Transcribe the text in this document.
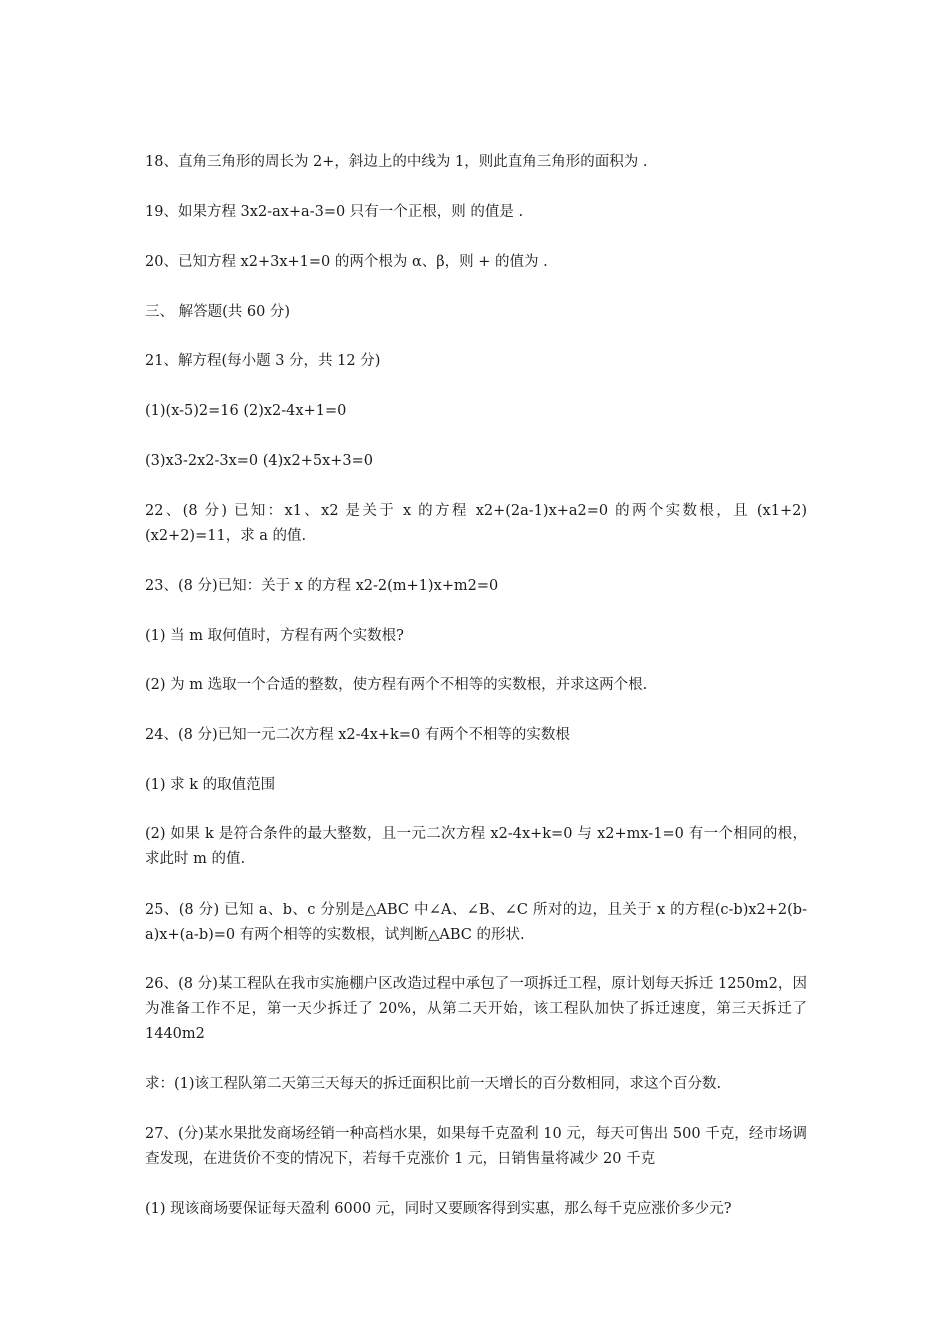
18、直角三角形的周长为 2+，斜边上的中线为 1，则此直角三角形的面积为 .

19、如果方程 3x2-ax+a-3=0 只有一个正根，则 的值是 .

20、已知方程 x2+3x+1=0 的两个根为 α、β，则 + 的值为 .

三、 解答题(共 60 分)

21、解方程(每小题 3 分，共 12 分)

(1)(x-5)2=16 (2)x2-4x+1=0

(3)x3-2x2-3x=0 (4)x2+5x+3=0

22、(8 分) 已知：x1、x2 是关于 x 的方程 x2+(2a-1)x+a2=0 的两个实数根，且 (x1+2)(x2+2)=11，求 a 的值.

23、(8 分)已知：关于 x 的方程 x2-2(m+1)x+m2=0

(1) 当 m 取何值时，方程有两个实数根?

(2) 为 m 选取一个合适的整数，使方程有两个不相等的实数根，并求这两个根.

24、(8 分)已知一元二次方程 x2-4x+k=0 有两个不相等的实数根

(1) 求 k 的取值范围

(2) 如果 k 是符合条件的最大整数，且一元二次方程 x2-4x+k=0 与 x2+mx-1=0 有一个相同的根，求此时 m 的值.

25、(8 分) 已知 a、b、c 分别是△ABC 中∠A、∠B、∠C 所对的边，且关于 x 的方程(c-b)x2+2(b-a)x+(a-b)=0 有两个相等的实数根，试判断△ABC 的形状.

26、(8 分)某工程队在我市实施棚户区改造过程中承包了一项拆迁工程，原计划每天拆迁 1250m2，因为准备工作不足，第一天少拆迁了 20%，从第二天开始，该工程队加快了拆迁速度，第三天拆迁了 1440m2

求：(1)该工程队第二天第三天每天的拆迁面积比前一天增长的百分数相同，求这个百分数.

27、(分)某水果批发商场经销一种高档水果，如果每千克盈利 10 元，每天可售出 500 千克，经市场调查发现，在进货价不变的情况下，若每千克涨价 1 元，日销售量将减少 20 千克

(1) 现该商场要保证每天盈利 6000 元，同时又要顾客得到实惠，那么每千克应涨价多少元?
